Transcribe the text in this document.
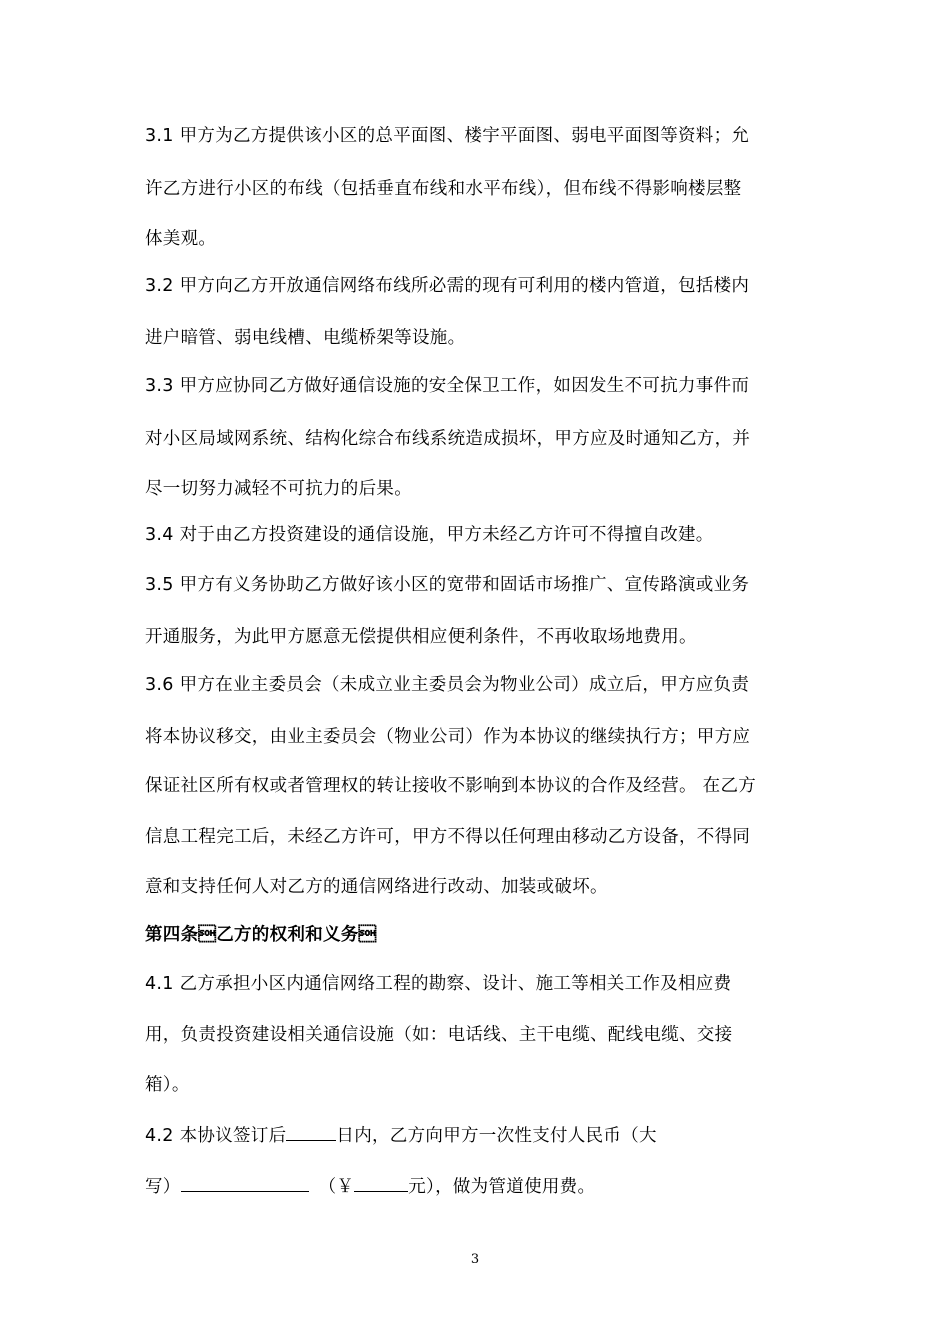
3.1 甲方为乙方提供该小区的总平面图、楼宇平面图、弱电平面图等资料；允
许乙方进行小区的布线（包括垂直布线和水平布线），但布线不得影响楼层整
体美观。
3.2 甲方向乙方开放通信网络布线所必需的现有可利用的楼内管道，包括楼内
进户暗管、弱电线槽、电缆桥架等设施。
3.3 甲方应协同乙方做好通信设施的安全保卫工作，如因发生不可抗力事件而
对小区局域网系统、结构化综合布线系统造成损坏，甲方应及时通知乙方，并
尽一切努力减轻不可抗力的后果。
3.4 对于由乙方投资建设的通信设施，甲方未经乙方许可不得擅自改建。
3.5 甲方有义务协助乙方做好该小区的宽带和固话市场推广、宣传路演或业务
开通服务，为此甲方愿意无偿提供相应便利条件，不再收取场地费用。
3.6 甲方在业主委员会（未成立业主委员会为物业公司）成立后，甲方应负责
将本协议移交，由业主委员会（物业公司）作为本协议的继续执行方；甲方应
保证社区所有权或者管理权的转让接收不影响到本协议的合作及经营。 在乙方
信息工程完工后，未经乙方许可，甲方不得以任何理由移动乙方设备，不得同
意和支持任何人对乙方的通信网络进行改动、加装或破坏。
第四条乙方的权利和义务
4.1 乙方承担小区内通信网络工程的勘察、设计、施工等相关工作及相应费
用，负责投资建设相关通信设施（如：电话线、主干电缆、配线电缆、交接
箱）。
4.2 本协议签订后	日内，乙方向甲方一次性支付人民币（大
写）	（￥	元），做为管道使用费。
3
